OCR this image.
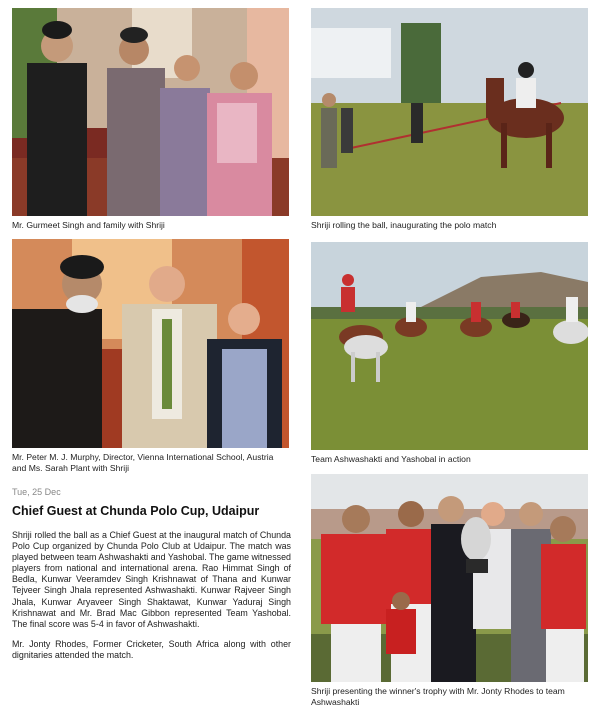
Mr. Gurmeet Singh and family with Shriji	Shriji rolling the ball, inaugurating the polo match
Mr. Peter M. J. Murphy, Director, Vienna International School, Austria and Ms. Sarah Plant with Shriji
Team Ashwashakti and Yashobal in action
Shriji presenting the winner's trophy with Mr. Jonty Rhodes to team Ashwashakti
Tue, 25 Dec
Chief Guest at Chunda Polo Cup, Udaipur

Shriji rolled the ball as a Chief Guest at the inaugural match of Chunda Polo Cup organized by Chunda Polo Club at Udaipur. The match was played between team Ashwashakti and Yashobal. The game witnessed players from national and international arena. Rao Himmat Singh of Bedla, Kunwar Veeramdev Singh Krishnawat of Thana and Kunwar Tejveer Singh Jhala represented Ashwashakti. Kunwar Rajveer Singh Jhala, Kunwar Aryaveer Singh Shaktawat, Kunwar Yaduraj Singh Krishnawat and Mr. Brad Mac Gibbon represented Team Yashobal. The final score was 5-4 in favor of Ashwashakti.

Mr. Jonty Rhodes, Former Cricketer, South Africa along with other dignitaries attended the match.
